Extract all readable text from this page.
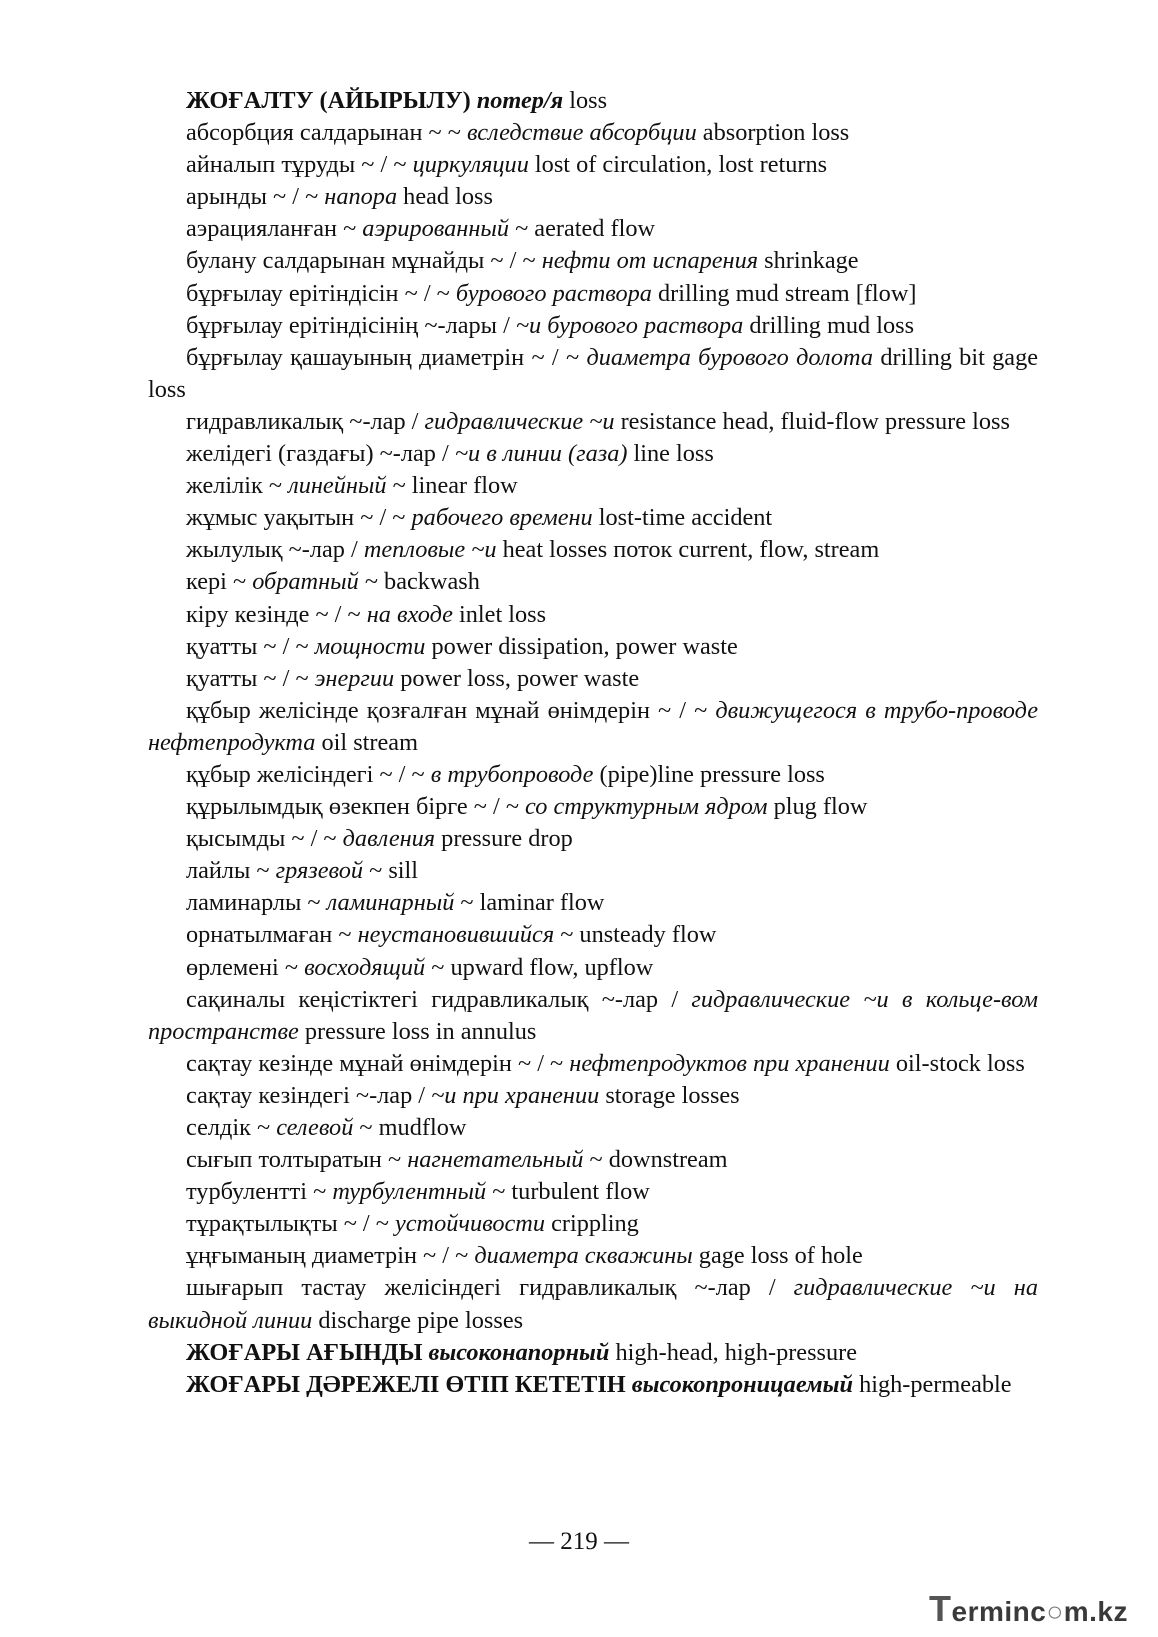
ЖОҒАЛТУ (АЙЫРЫЛУ) потер/я loss

абсорбция салдарынан ~ ~ вследствие абсорбции absorption loss

айналып тұруды ~ / ~ циркуляции lost of circulation, lost returns

арынды ~ / ~ напора head loss

аэрацияланған ~ аэрированный ~ aerated flow

булану салдарынан мұнайды ~ / ~ нефти от испарения shrinkage

бұрғылау ерітіндісін ~ / ~ бурового раствора drilling mud stream [flow]

бұрғылау ерітіндісінің ~-лары / ~и бурового раствора drilling mud loss

бұрғылау қашауының диаметрін ~ / ~ диаметра бурового долота drilling bit gage loss

гидравликалық ~-лар / гидравлические ~и resistance head, fluid-flow pressure loss

желідегі (газдағы) ~-лар / ~и в линии (газа) line loss

желілік ~ линейный ~ linear flow

жұмыс уақытын ~ / ~ рабочего времени lost-time accident

жылулық ~-лар / тепловые ~и heat losses поток current, flow, stream

кері ~ обратный ~ backwash

кіру кезінде ~ / ~ на входе inlet loss

қуатты ~ / ~ мощности power dissipation, power waste

қуатты ~ / ~ энергии power loss, power waste

құбыр желісінде қозғалған мұнай өнімдерін ~ / ~ движущегося в трубо-проводе нефтепродукта oil stream

құбыр желісіндегі ~ / ~ в трубопроводе (pipe)line pressure loss

құрылымдық өзекпен бірге ~ / ~ со структурным ядром plug flow

қысымды ~ / ~ давления pressure drop

лайлы ~ грязевой ~ sill

ламинарлы ~ ламинарный ~ laminar flow

орнатылмаған ~ неустановившийся ~ unsteady flow

өрлемені ~ восходящий ~ upward flow, upflow

сақиналы кеңістіктегі гидравликалық ~-лар / гидравлические ~и в кольце-вом пространстве pressure loss in annulus

сақтау кезінде мұнай өнімдерін ~ / ~ нефтепродуктов при хранении oil-stock loss

сақтау кезіндегі ~-лар / ~и при хранении storage losses

селдік ~ селевой ~ mudflow

сығып толтыратын ~ нагнетательный ~ downstream

турбулентті ~ турбулентный ~ turbulent flow

тұрақтылықты ~ / ~ устойчивости crippling

ұңғыманың диаметрін ~ / ~ диаметра скважины gage loss of hole

шығарып тастау желісіндегі гидравликалық ~-лар / гидравлические ~и на выкидной линии discharge pipe losses

ЖОҒАРЫ АҒЫНДЫ высоконапорный high-head, high-pressure

ЖОҒАРЫ ДӘРЕЖЕЛІ ӨТІП КЕТЕТІН высокопроницаемый high-permeable

— 219 —
Terminc○m.kz
